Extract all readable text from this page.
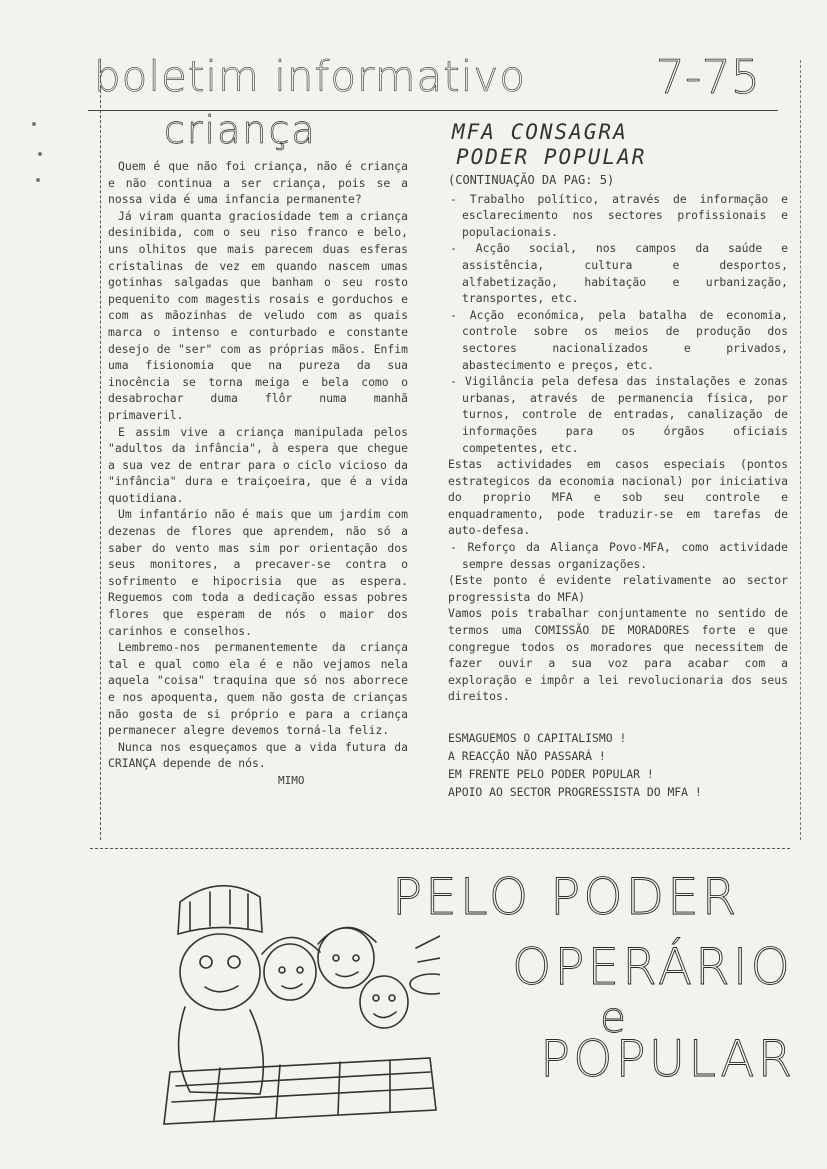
boletim informativo	7-75
criança

Quem é que não foi criança, não é criança e não continua a ser criança, pois se a nossa vida é uma infancia permanente?

Já viram quanta graciosidade tem a criança desinibida, com o seu riso franco e belo, uns olhitos que mais parecem duas esferas cristalinas de vez em quando nascem umas gotinhas salgadas que banham o seu rosto pequenito com magestis rosais e gorduchos e com as mãozinhas de veludo com as quais marca o intenso e conturbado e constante desejo de "ser" com as próprias mãos. Enfim uma fisionomia que na pureza da sua inocência se torna meiga e bela como o desabrochar duma flôr numa manhã primaveril.

E assim vive a criança manipulada pelos "adultos da infância", à espera que chegue a sua vez de entrar para o ciclo vicioso da "infância" dura e traiçoeira, que é a vida quotidiana.

Um infantário não é mais que um jardim com dezenas de flores que aprendem, não só a saber do vento mas sim por orientação dos seus monitores, a precaver-se contra o sofrimento e hipocrisia que as espera. Reguemos com toda a dedicação essas pobres flores que esperam de nós o maior dos carinhos e conselhos.

Lembremo-nos permanentemente da criança tal e qual como ela é e não vejamos nela aquela "coisa" traquina que só nos aborrece e nos apoquenta, quem não gosta de crianças não gosta de si próprio e para a criança permanecer alegre devemos torná-la feliz.

Nunca nos esqueçamos que a vida futura da CRIANÇA depende de nós.

MIMO
MFA CONSAGRA
PODER POPULAR

(CONTINUAÇÃO DA PAG: 5)

- Trabalho político, através de informação e esclarecimento nos sectores profissionais e populacionais.

- Acção social, nos campos da saúde e assistência, cultura e desportos, alfabetização, habitação e urbanização, transportes, etc.

- Acção económica, pela batalha de economia, controle sobre os meios de produção dos sectores nacionalizados e privados, abastecimento e preços, etc.

- Vigilância pela defesa das instalações e zonas urbanas, através de permanencia física, por turnos, controle de entradas, canalização de informações para os órgãos oficiais competentes, etc.

Estas actividades em casos especiais (pontos estrategicos da economia nacional) por iniciativa do proprio MFA e sob seu controle e enquadramento, pode traduzir-se em tarefas de auto-defesa.

- Reforço da Aliança Povo-MFA, como actividade sempre dessas organizações.

(Este ponto é evidente relativamente ao sector progressista do MFA)

Vamos pois trabalhar conjuntamente no sentido de termos uma COMISSÃO DE MORADORES forte e que congregue todos os moradores que necessitem de fazer ouvir a sua voz para acabar com a exploração e impôr a lei revolucionaria dos seus direitos.

ESMAGUEMOS O CAPITALISMO !

A REACÇÃO NÃO PASSARÁ !

EM FRENTE PELO PODER POPULAR !

APOIO AO SECTOR PROGRESSISTA DO MFA !

PELO PODER
OPERÁRIO
e
POPULAR
